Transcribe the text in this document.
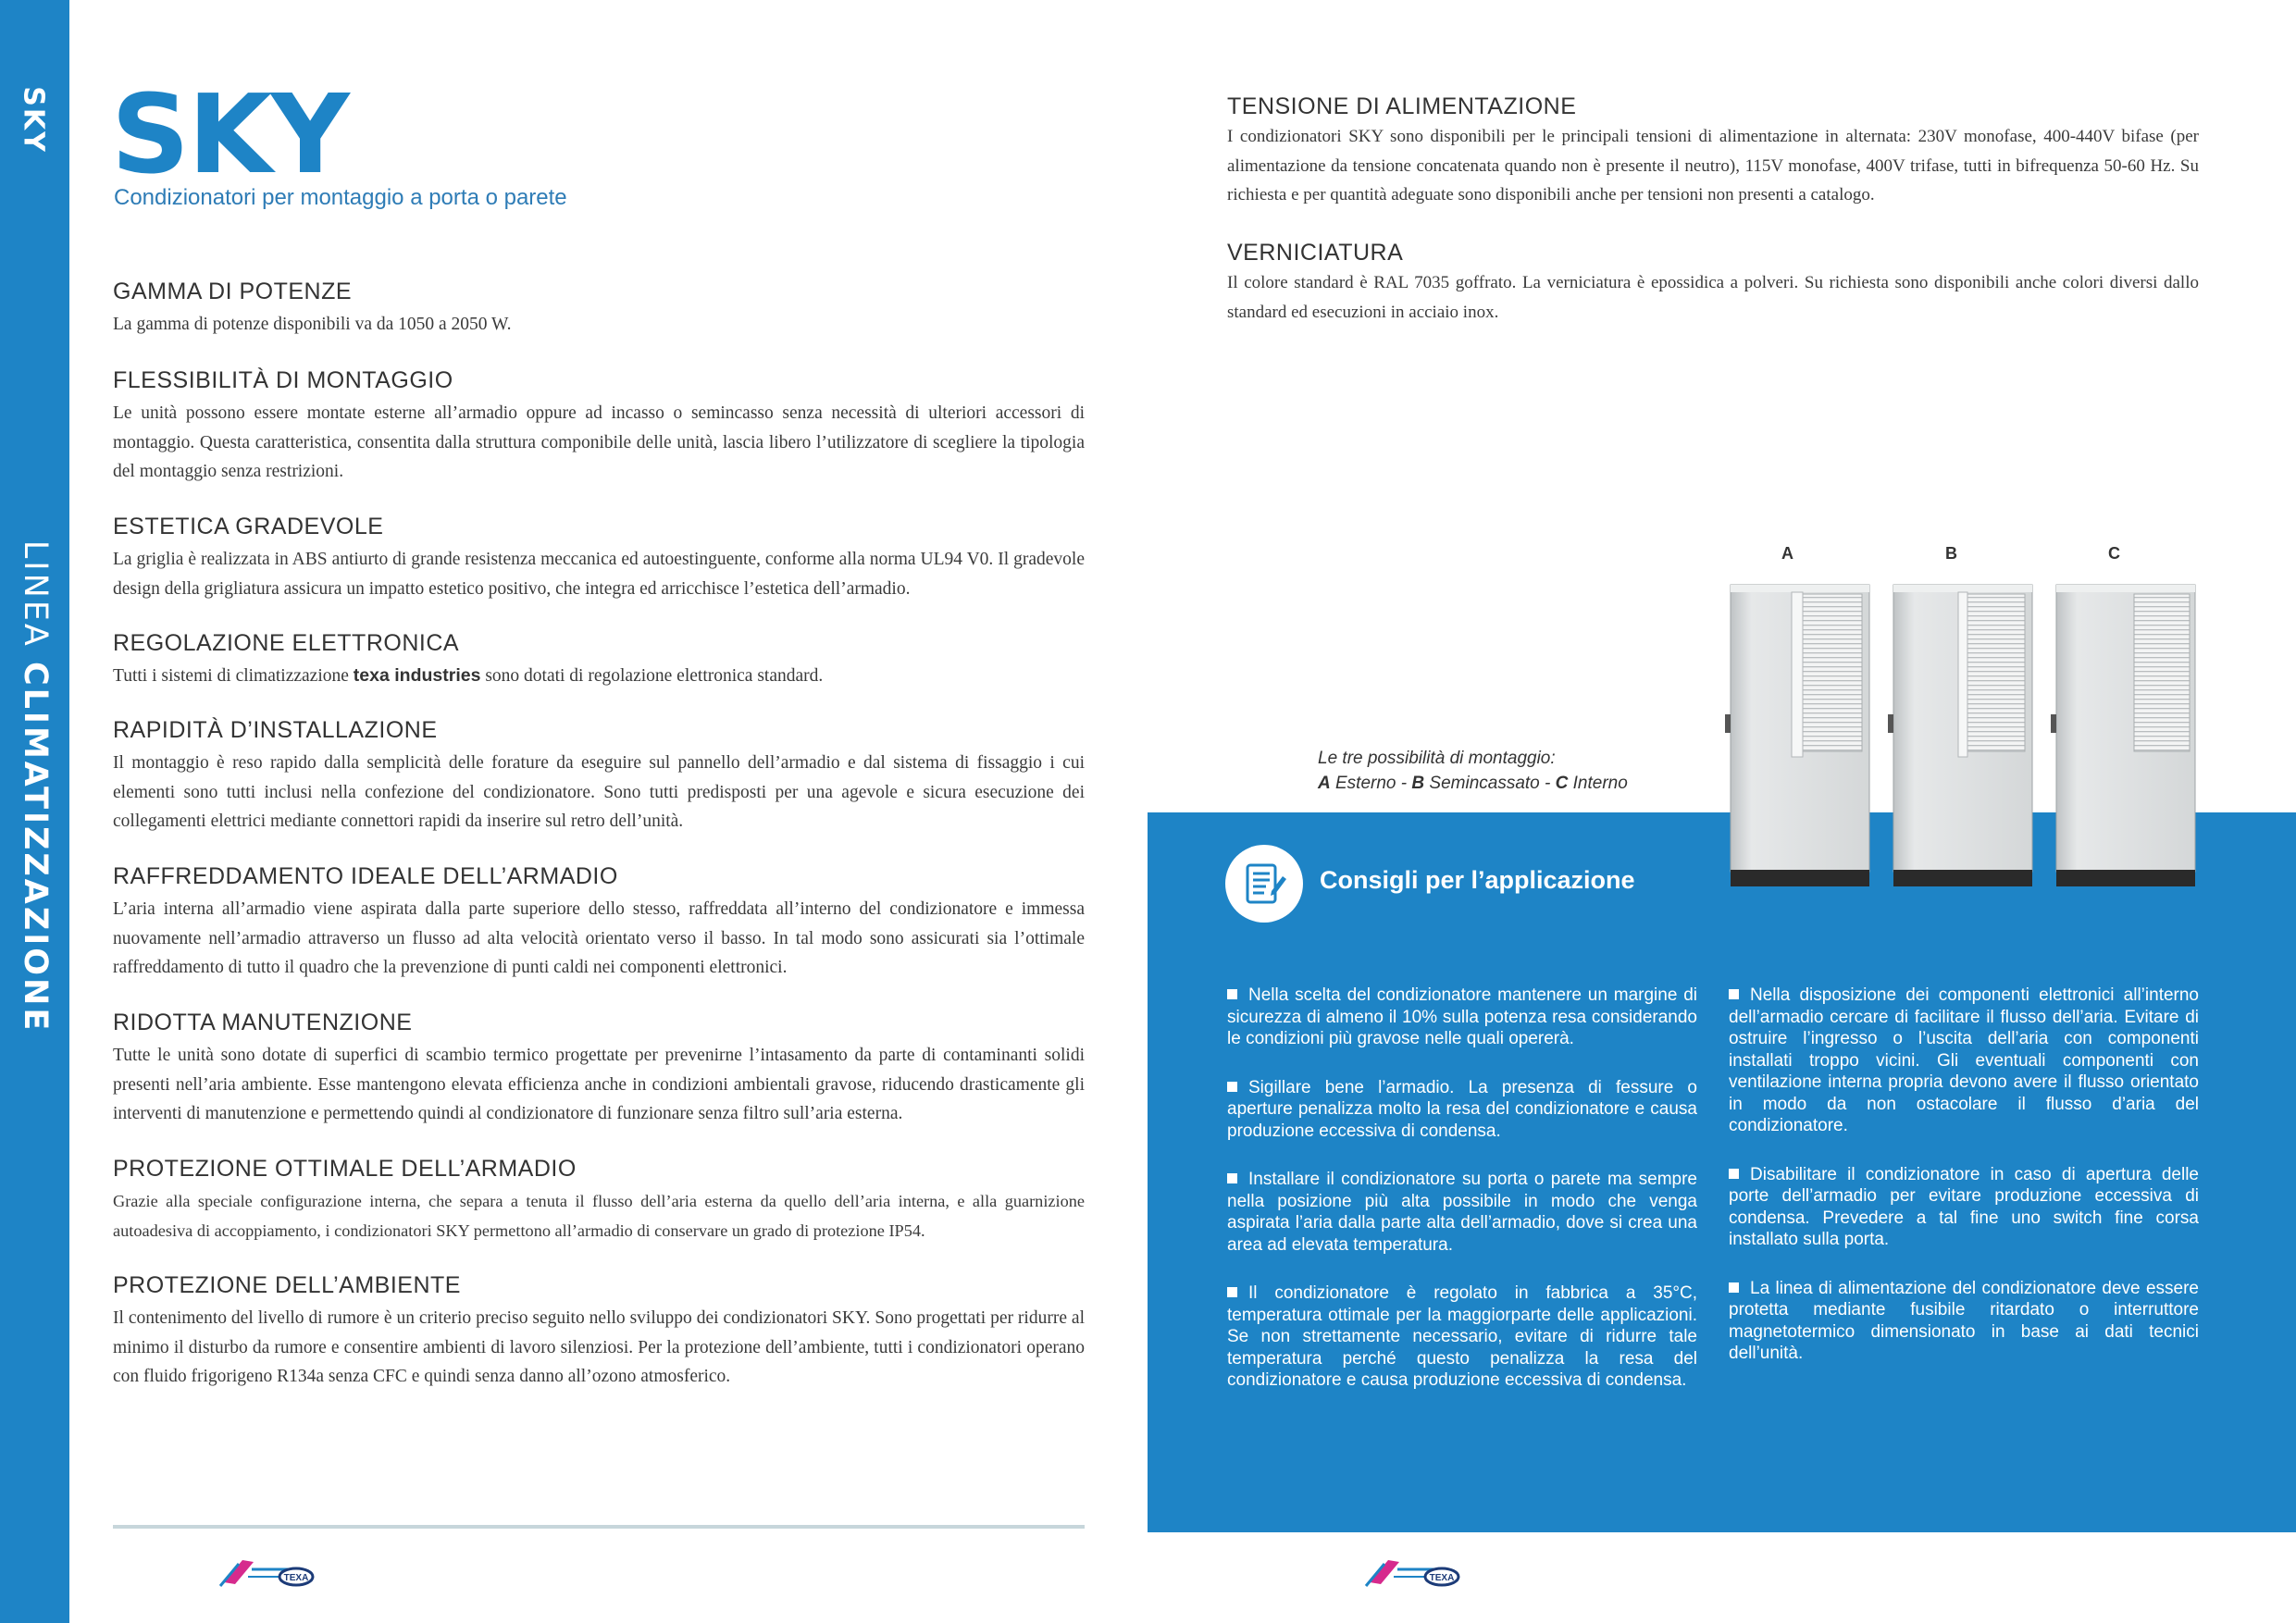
SKY
LINEA CLIMATIZZAZIONE
SKY
Condizionatori per montaggio a porta o parete
GAMMA DI POTENZE

La gamma di potenze disponibili va da 1050 a 2050 W.

FLESSIBILITÀ DI MONTAGGIO

Le unità possono essere montate esterne all’armadio oppure ad incasso o semincasso senza necessità di ulteriori accessori di montaggio. Questa caratteristica, consentita dalla struttura componibile delle unità, lascia libero l’utilizzatore di scegliere la tipologia del montaggio senza restrizioni.

ESTETICA GRADEVOLE

La griglia è realizzata in ABS antiurto di grande resistenza meccanica ed autoestinguente, conforme alla norma UL94 V0. Il gradevole design della grigliatura assicura un impatto estetico positivo, che integra ed arricchisce l’estetica dell’armadio.

REGOLAZIONE ELETTRONICA

Tutti i sistemi di climatizzazione texa industries sono dotati di regolazione elettronica standard.

RAPIDITÀ D’INSTALLAZIONE

Il montaggio è reso rapido dalla semplicità delle forature da eseguire sul pannello dell’armadio e dal sistema di fissaggio i cui elementi sono tutti inclusi nella confezione del condizionatore. Sono tutti predisposti per una agevole e sicura esecuzione dei collegamenti elettrici mediante connettori rapidi da inserire sul retro dell’unità.

RAFFREDDAMENTO IDEALE DELL’ARMADIO

L’aria interna all’armadio viene aspirata dalla parte superiore dello stesso, raffreddata all’interno del condizionatore e immessa nuovamente nell’armadio attraverso un flusso ad alta velocità orientato verso il basso. In tal modo sono assicurati sia l’ottimale raffreddamento di tutto il quadro che la prevenzione di punti caldi nei componenti elettronici.

RIDOTTA MANUTENZIONE

Tutte le unità sono dotate di superfici di scambio termico progettate per prevenirne l’intasamento da parte di contaminanti solidi presenti nell’aria ambiente. Esse mantengono elevata efficienza anche in condizioni ambientali gravose, riducendo drasticamente gli interventi di manutenzione e permettendo quindi al condizionatore di funzionare senza filtro sull’aria esterna.

PROTEZIONE OTTIMALE DELL’ARMADIO

Grazie alla speciale configurazione interna, che separa a tenuta il flusso dell’aria esterna da quello dell’aria interna, e alla guarnizione autoadesiva di accoppiamento, i condizionatori SKY permettono all’armadio di conservare un grado di protezione IP54.

PROTEZIONE DELL’AMBIENTE

Il contenimento del livello di rumore è un criterio preciso seguito nello sviluppo dei condizionatori SKY. Sono progettati per ridurre al minimo il disturbo da rumore e consentire ambienti di lavoro silenziosi. Per la protezione dell’ambiente, tutti i condizionatori operano con fluido frigorigeno R134a senza CFC e quindi senza danno all’ozono atmosferico.

TEXA	TEXA
TENSIONE DI ALIMENTAZIONE

I condizionatori SKY sono disponibili per le principali tensioni di alimentazione in alternata: 230V monofase, 400-440V bifase (per alimentazione da tensione concatenata quando non è presente il neutro), 115V monofase, 400V trifase, tutti in bifrequenza 50-60 Hz. Su richiesta e per quantità adeguate sono disponibili anche per tensioni non presenti a catalogo.

VERNICIATURA

Il colore standard è RAL 7035 goffrato. La verniciatura è epossidica a polveri. Su richiesta sono disponibili anche colori diversi dallo standard ed esecuzioni in acciaio inox.

A	B	C
Le tre possibilità di montaggio:
A Esterno - B Semincassato - C Interno
Consigli per l’applicazione
Nella scelta del condizionatore mantenere un margine di sicurezza di almeno il 10% sulla potenza resa considerando le condizioni più gravose nelle quali opererà.
Sigillare bene l’armadio. La presenza di fessure o aperture penalizza molto la resa del condizionatore e causa produzione eccessiva di condensa.
Installare il condizionatore su porta o parete ma sempre nella posizione più alta possibile in modo che venga aspirata l’aria dalla parte alta dell’armadio, dove si crea una area ad elevata temperatura.
Il condizionatore è regolato in fabbrica a 35°C, temperatura ottimale per la maggiorparte delle applicazioni. Se non strettamente necessario, evitare di ridurre tale temperatura perché questo penalizza la resa del condizionatore e causa produzione eccessiva di condensa.
Nella disposizione dei componenti elettronici all’interno dell’armadio cercare di facilitare il flusso dell’aria. Evitare di ostruire l’ingresso o l’uscita dell’aria con componenti installati troppo vicini. Gli eventuali componenti con ventilazione interna propria devono avere il flusso orientato in modo da non ostacolare il flusso d’aria del condizionatore.
Disabilitare il condizionatore in caso di apertura delle porte dell’armadio per evitare produzione eccessiva di condensa. Prevedere a tal fine uno switch fine corsa installato sulla porta.
La linea di alimentazione del condizionatore deve essere protetta mediante fusibile ritardato o interruttore magnetotermico dimensionato in base ai dati tecnici dell’unità.
